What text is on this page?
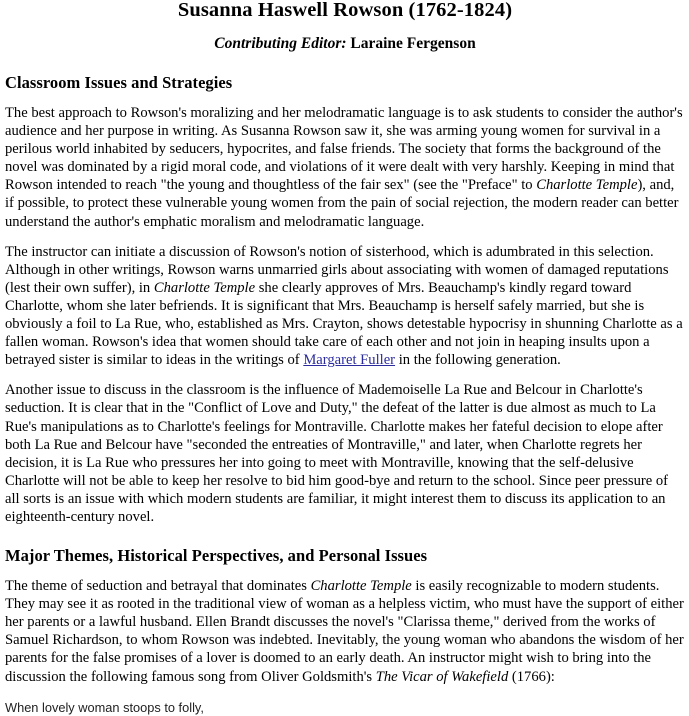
Susanna Haswell Rowson (1762-1824)
Contributing Editor: Laraine Fergenson
Classroom Issues and Strategies

The best approach to Rowson's moralizing and her melodramatic language is to ask students to consider the author's audience and her purpose in writing. As Susanna Rowson saw it, she was arming young women for survival in a perilous world inhabited by seducers, hypocrites, and false friends. The society that forms the background of the novel was dominated by a rigid moral code, and violations of it were dealt with very harshly. Keeping in mind that Rowson intended to reach "the young and thoughtless of the fair sex" (see the "Preface" to Charlotte Temple), and, if possible, to protect these vulnerable young women from the pain of social rejection, the modern reader can better understand the author's emphatic moralism and melodramatic language.

The instructor can initiate a discussion of Rowson's notion of sisterhood, which is adumbrated in this selection. Although in other writings, Rowson warns unmarried girls about associating with women of damaged reputations (lest their own suffer), in Charlotte Temple she clearly approves of Mrs. Beauchamp's kindly regard toward Charlotte, whom she later befriends. It is significant that Mrs. Beauchamp is herself safely married, but she is obviously a foil to La Rue, who, established as Mrs. Crayton, shows detestable hypocrisy in shunning Charlotte as a fallen woman. Rowson's idea that women should take care of each other and not join in heaping insults upon a betrayed sister is similar to ideas in the writings of Margaret Fuller in the following generation.

Another issue to discuss in the classroom is the influence of Mademoiselle La Rue and Belcour in Charlotte's seduction. It is clear that in the "Conflict of Love and Duty," the defeat of the latter is due almost as much to La Rue's manipulations as to Charlotte's feelings for Montraville. Charlotte makes her fateful decision to elope after both La Rue and Belcour have "seconded the entreaties of Montraville," and later, when Charlotte regrets her decision, it is La Rue who pressures her into going to meet with Montraville, knowing that the self-delusive Charlotte will not be able to keep her resolve to bid him good-bye and return to the school. Since peer pressure of all sorts is an issue with which modern students are familiar, it might interest them to discuss its application to an eighteenth-century novel.

Major Themes, Historical Perspectives, and Personal Issues

The theme of seduction and betrayal that dominates Charlotte Temple is easily recognizable to modern students. They may see it as rooted in the traditional view of woman as a helpless victim, who must have the support of either her parents or a lawful husband. Ellen Brandt discusses the novel's "Clarissa theme," derived from the works of Samuel Richardson, to whom Rowson was indebted. Inevitably, the young woman who abandons the wisdom of her parents for the false promises of a lover is doomed to an early death. An instructor might wish to bring into the discussion the following famous song from Oliver Goldsmith's The Vicar of Wakefield (1766):

When lovely woman stoops to folly,
